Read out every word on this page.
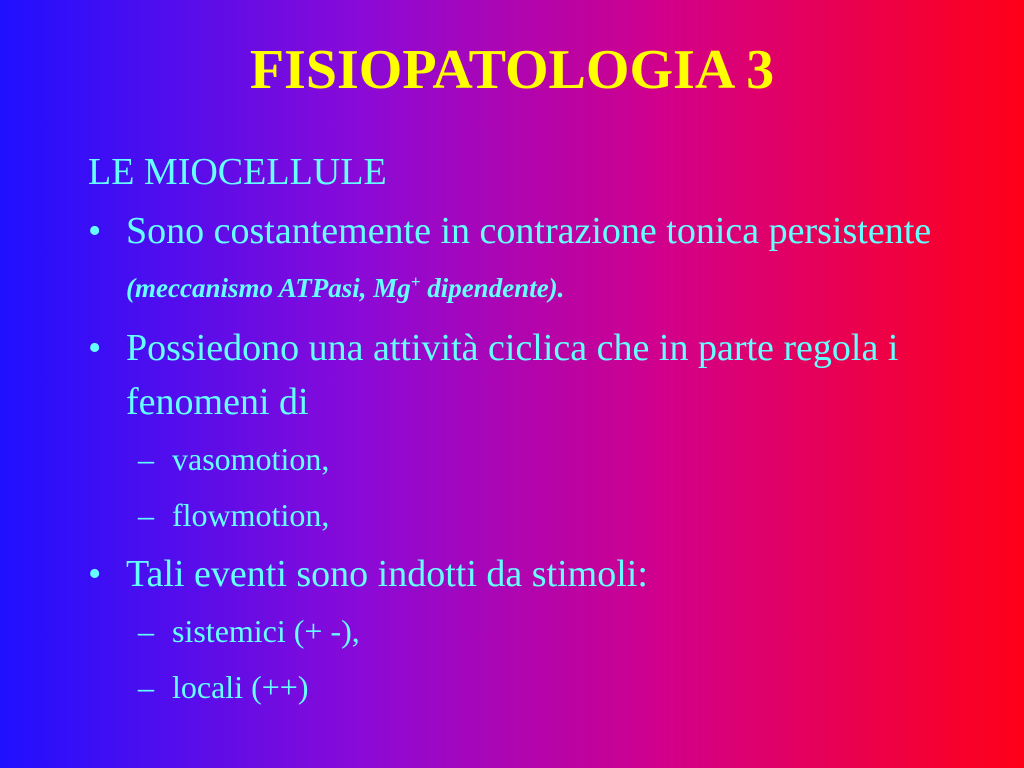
FISIOPATOLOGIA 3
LE MIOCELLULE
• Sono costantemente in contrazione tonica persistente (meccanismo ATPasi, Mg+ dipendente).
• Possiedono una attività ciclica che in parte regola i fenomeni di
– vasomotion,
– flowmotion,
• Tali eventi sono indotti da stimoli:
– sistemici (+ -),
– locali (++)
